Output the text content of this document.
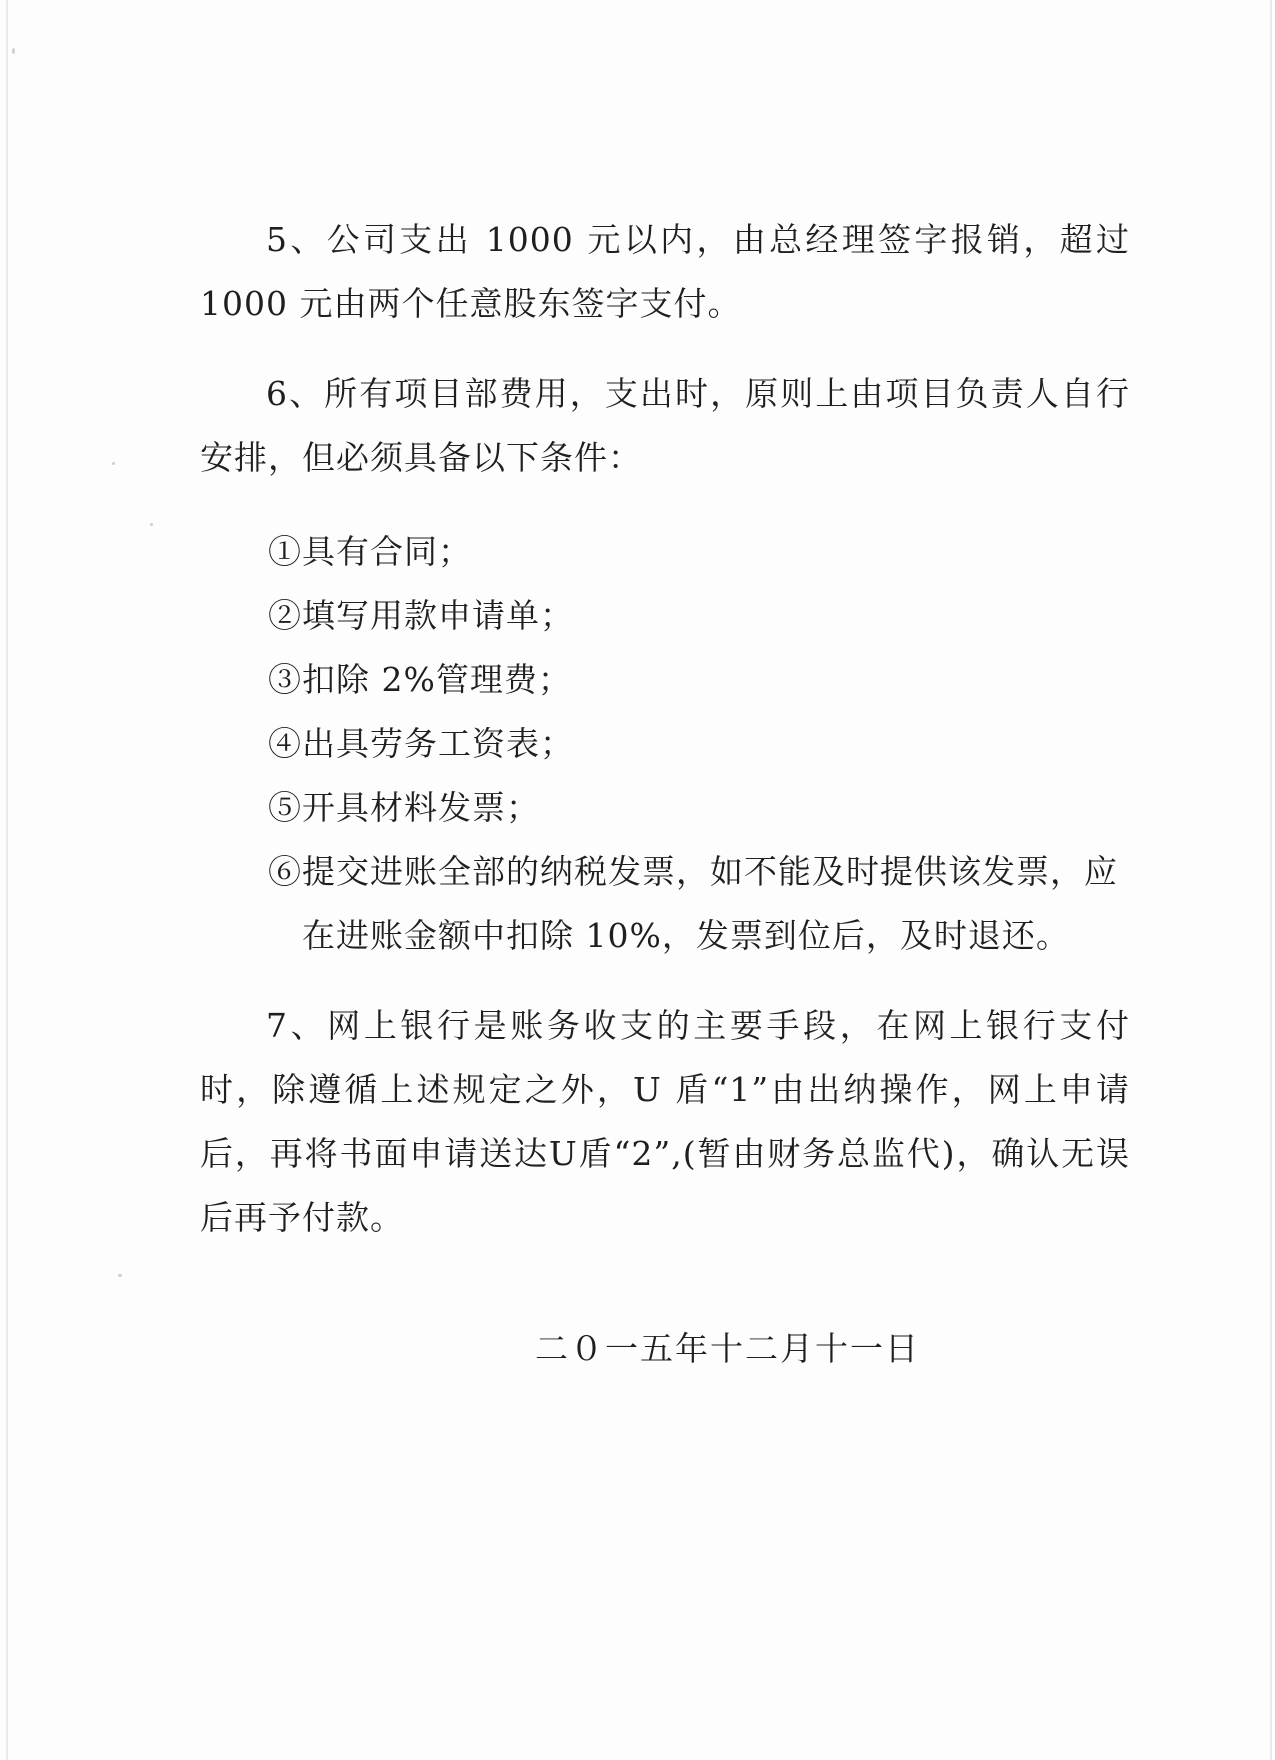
5、公司支出 1000 元以内，由总经理签字报销，超过 1000 元由两个任意股东签字支付。

6、所有项目部费用，支出时，原则上由项目负责人自行安排，但必须具备以下条件：

①具有合同；

②填写用款申请单；

③扣除 2%管理费；

④出具劳务工资表；

⑤开具材料发票；

⑥提交进账全部的纳税发票，如不能及时提供该发票，应在进账金额中扣除 10%，发票到位后，及时退还。

7、网上银行是账务收支的主要手段，在网上银行支付时，除遵循上述规定之外，U 盾“1”由出纳操作，网上申请后，再将书面申请送达U盾“2”,(暂由财务总监代)，确认无误后再予付款。

二０一五年十二月十一日
